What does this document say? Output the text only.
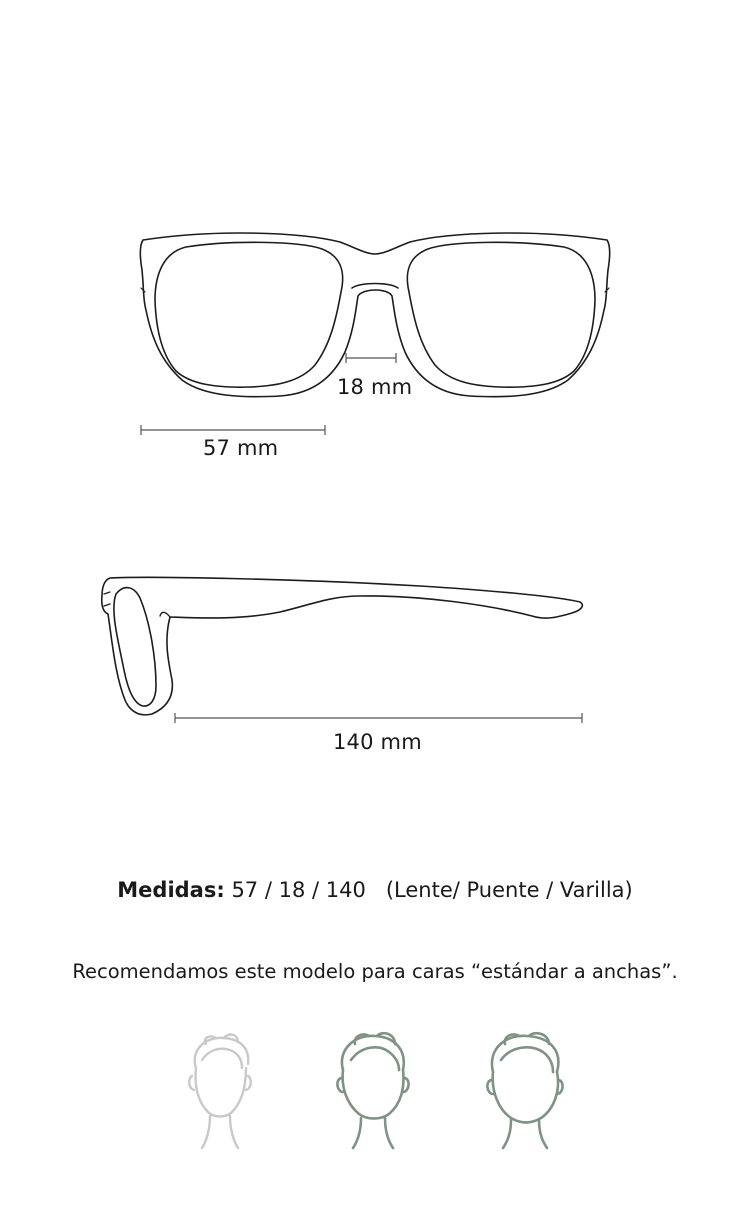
18 mm
57 mm
140 mm
Medidas: 57 / 18 / 140 (Lente/ Puente / Varilla)
Recomendamos este modelo para caras “estándar a anchas”.
